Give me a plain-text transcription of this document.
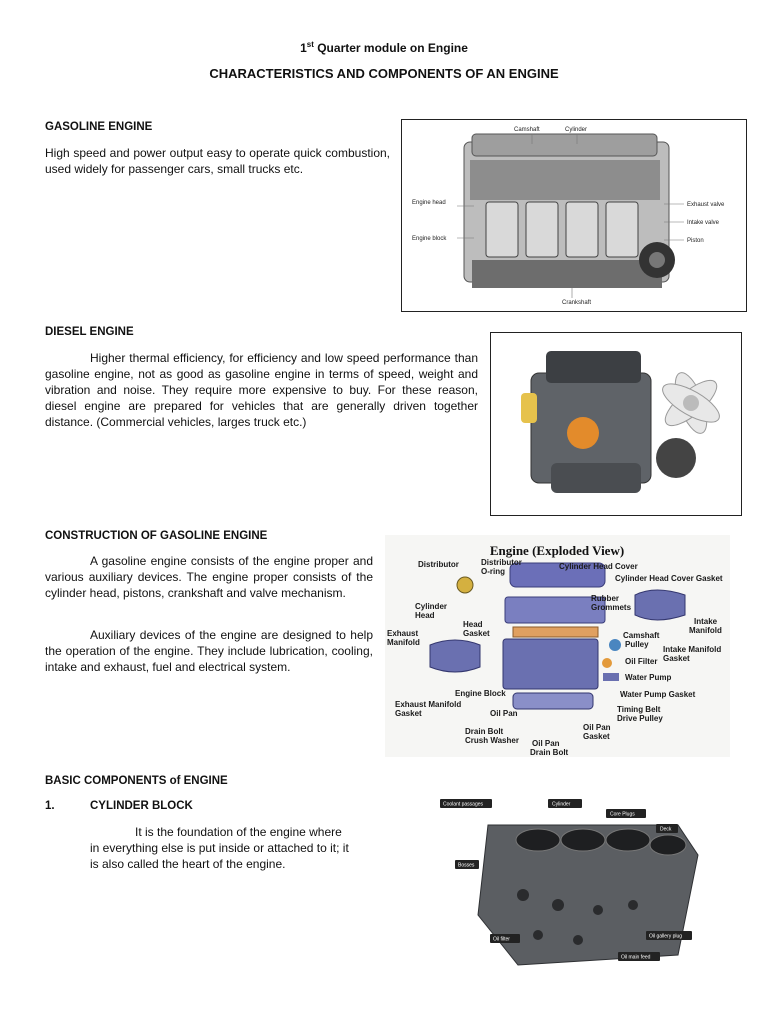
1st Quarter module on Engine
CHARACTERISTICS AND COMPONENTS OF AN ENGINE
GASOLINE ENGINE

High speed and power output easy to operate quick combustion, used widely for passenger cars, small trucks etc.

Camshaft	Cylinder
Engine head
Engine block
Exhaust valve
Intake valve
Piston
Crankshaft
DIESEL ENGINE

Higher thermal efficiency, for efficiency and low speed performance than gasoline engine, not as good as gasoline engine in terms of speed, weight and vibration and noise. They require more expensive to buy. For these reason, diesel engine are prepared for vehicles that are generally driven together distance. (Commercial vehicles, larges truck etc.)

CONSTRUCTION OF GASOLINE ENGINE

A gasoline engine consists of the engine proper and various auxiliary devices. The engine proper consists of the cylinder head, pistons, crankshaft and valve mechanism.

Auxiliary devices of the engine are designed to help the operation of the engine. They include lubrication, cooling, intake and exhaust, fuel and electrical system.

Engine (Exploded View)
Distributor	Distributor
O-ring
Cylinder Head Cover
Cylinder Head Cover Gasket
Rubber
Grommets
Cylinder
Head
Head
Gasket
Intake
Manifold
Exhaust
Manifold
Camshaft
Pulley
Intake Manifold
Gasket
Oil Filter
Water Pump
Engine Block	Water Pump Gasket
Exhaust Manifold
Gasket	Oil Pan	Timing Belt
Drive Pulley
Oil Pan
Gasket
Drain Bolt
Crush Washer Oil Pan
Drain Bolt
BASIC COMPONENTS of ENGINE
1.	CYLINDER BLOCK

It is the foundation of the engine where in everything else is put inside or attached to it; it is also called the heart of the engine.

Coolant passages	Cylinder
Core Plugs
Deck
Bosses
Oil filter	Oil gallery plug
Oil main feed
